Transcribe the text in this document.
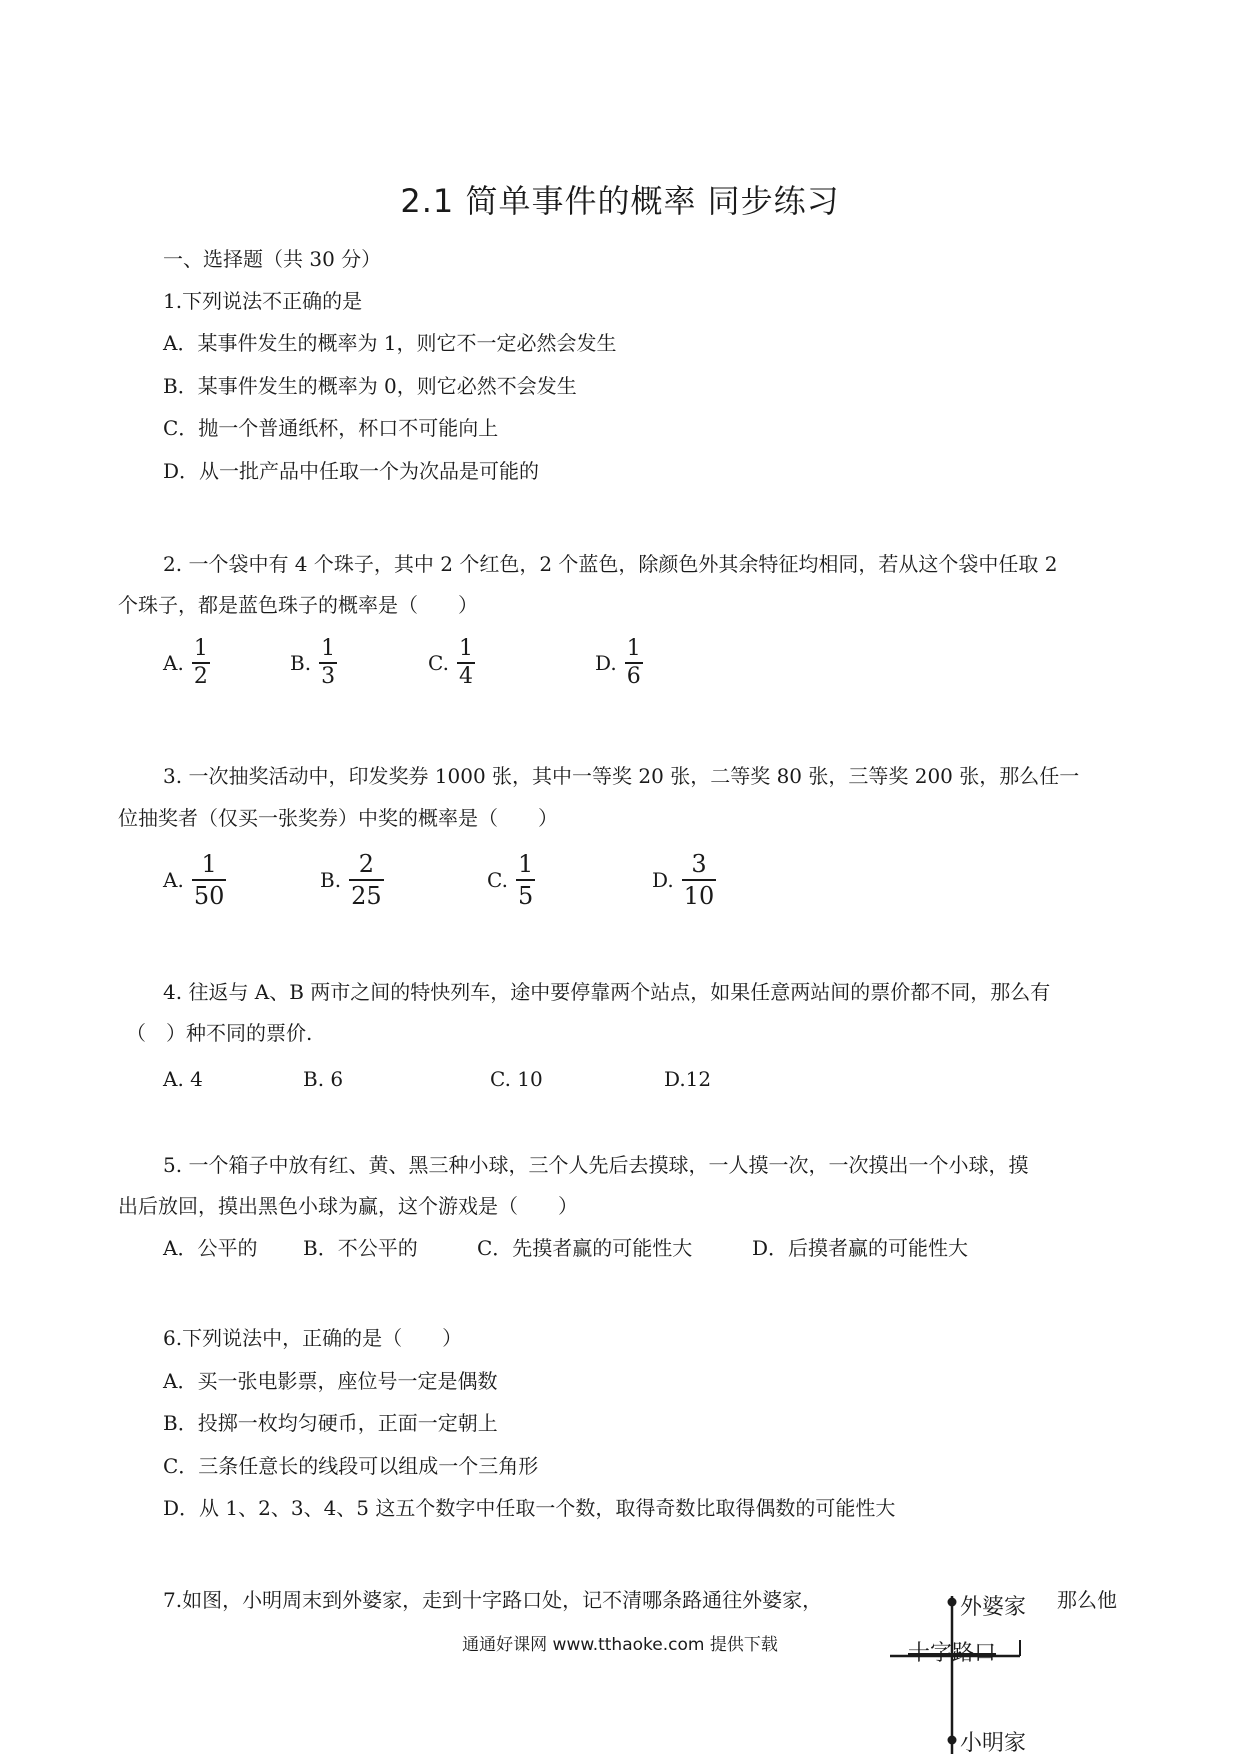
2.1 简单事件的概率 同步练习
一、选择题（共 30 分）
1.下列说法不正确的是
A．某事件发生的概率为 1，则它不一定必然会发生
B．某事件发生的概率为 0，则它必然不会发生
C．抛一个普通纸杯，杯口不可能向上
D．从一批产品中任取一个为次品是可能的
2. 一个袋中有 4 个珠子，其中 2 个红色，2 个蓝色，除颜色外其余特征均相同，若从这个袋中任取 2
个珠子，都是蓝色珠子的概率是（　　）
A. $\frac{1}{2}$	B. $\frac{1}{3}$	C. $\frac{1}{4}$	D. $\frac{1}{6}$
3. 一次抽奖活动中，印发奖券 1000 张，其中一等奖 20 张，二等奖 80 张，三等奖 200 张，那么任一
位抽奖者（仅买一张奖券）中奖的概率是（　　）
A. $\frac{1}{50}$	B. $\frac{2}{25}$	C. $\frac{1}{5}$	D. $\frac{3}{10}$
4. 往返与 A、B 两市之间的特快列车，途中要停靠两个站点，如果任意两站间的票价都不同，那么有
（　）种不同的票价.
A. 4	B. 6	C. 10	D.12
5. 一个箱子中放有红、黄、黑三种小球，三个人先后去摸球，一人摸一次，一次摸出一个小球，摸
出后放回，摸出黑色小球为赢，这个游戏是（　　）
A．公平的 B．不公平的	C．先摸者赢的可能性大	D．后摸者赢的可能性大
6.下列说法中，正确的是（　　）
A．买一张电影票，座位号一定是偶数
B．投掷一枚均匀硬币，正面一定朝上
C．三条任意长的线段可以组成一个三角形
D．从 1、2、3、4、5 这五个数字中任取一个数，取得奇数比取得偶数的可能性大
7.如图，小明周末到外婆家，走到十字路口处，记不清哪条路通往外婆家，	那么他
外婆家
十字路口
小明家
通通好课网 www.tthaoke.com 提供下载
